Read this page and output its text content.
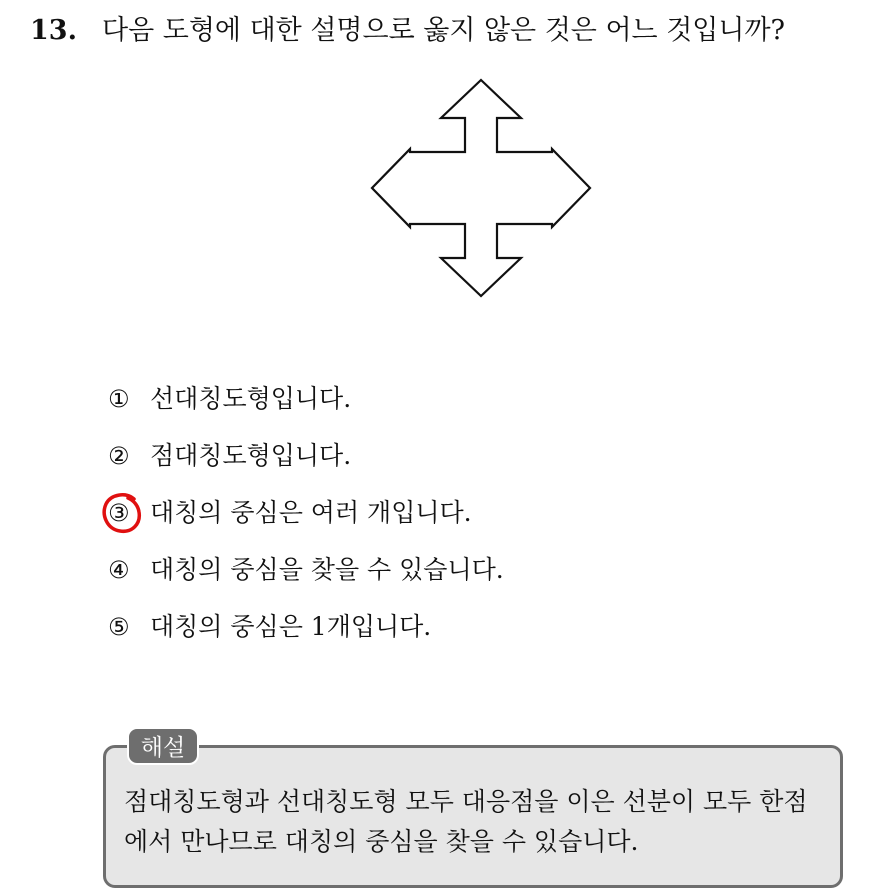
13. 다음 도형에 대한 설명으로 옳지 않은 것은 어느 것입니까?
① 선대칭도형입니다.
② 점대칭도형입니다.
③ 대칭의 중심은 여러 개입니다.
④ 대칭의 중심을 찾을 수 있습니다.
⑤ 대칭의 중심은 1개입니다.
해설
점대칭도형과 선대칭도형 모두 대응점을 이은 선분이 모두 한점
에서 만나므로 대칭의 중심을 찾을 수 있습니다.
